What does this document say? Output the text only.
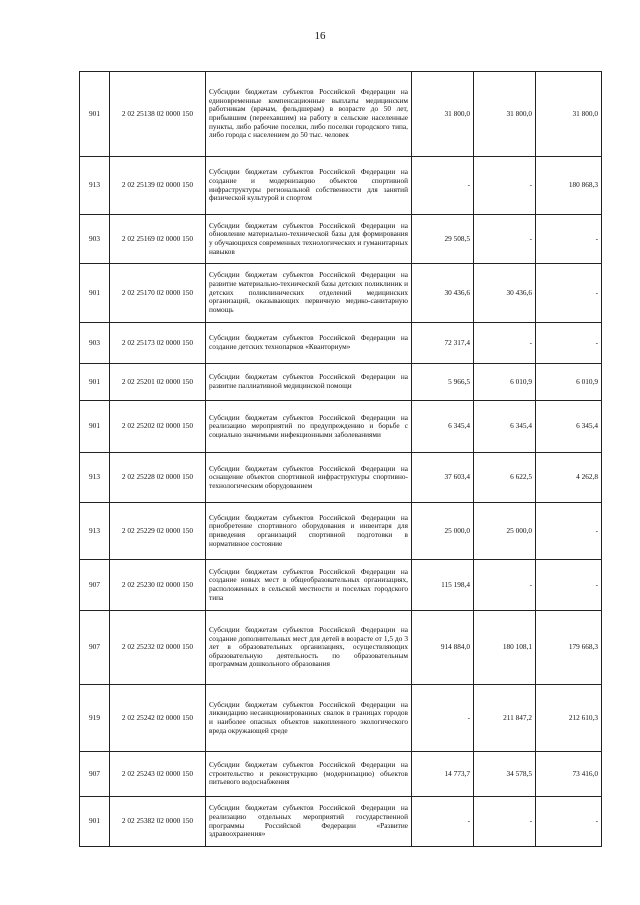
16
901	2 02 25138 02 0000 150	Субсидии бюджетам субъектов Российской Федерации на единовременные компенсационные выплаты медицинским работникам (врачам, фельдшерам) в возрасте до 50 лет, прибывшим (переехавшим) на работу в сельские населенные пункты, либо рабочие поселки, либо поселки городского типа, либо города с населением до 50 тыс. человек	31 800,0	31 800,0	31 800,0
913	2 02 25139 02 0000 150	Субсидии бюджетам субъектов Российской Федерации на создание и модернизацию объектов спортивной инфраструктуры региональной собственности для занятий физической культурой и спортом	-	-	180 868,3
903	2 02 25169 02 0000 150	Субсидии бюджетам субъектов Российской Федерации на обновление материально-технической базы для формирования у обучающихся современных технологических и гуманитарных навыков	29 508,5	-	-
901	2 02 25170 02 0000 150	Субсидии бюджетам субъектов Российской Федерации на развитие материально-технической базы детских поликлиник и детских поликлинических отделений медицинских организаций, оказывающих первичную медико-санитарную помощь	30 436,6	30 436,6	-
903	2 02 25173 02 0000 150	Субсидии бюджетам субъектов Российской Федерации на создание детских технопарков «Кванториум»	72 317,4	-	-
901	2 02 25201 02 0000 150	Субсидии бюджетам субъектов Российской Федерации на развитие паллиативной медицинской помощи	5 966,5	6 010,9	6 010,9
901	2 02 25202 02 0000 150	Субсидии бюджетам субъектов Российской Федерации на реализацию мероприятий по предупреждению и борьбе с социально значимыми инфекционными заболеваниями	6 345,4	6 345,4	6 345,4
913	2 02 25228 02 0000 150	Субсидии бюджетам субъектов Российской Федерации на оснащение объектов спортивной инфраструктуры спортивно-технологическим оборудованием	37 603,4	6 622,5	4 262,8
913	2 02 25229 02 0000 150	Субсидии бюджетам субъектов Российской Федерации на приобретение спортивного оборудования и инвентаря для приведения организаций спортивной подготовки в нормативное состояние	25 000,0	25 000,0	-
907	2 02 25230 02 0000 150	Субсидии бюджетам субъектов Российской Федерации на создание новых мест в общеобразовательных организациях, расположенных в сельской местности и поселках городского типа	115 198,4	-	-
907	2 02 25232 02 0000 150	Субсидии бюджетам субъектов Российской Федерации на создание дополнительных мест для детей в возрасте от 1,5 до 3 лет в образовательных организациях, осуществляющих образовательную деятельность по образовательным программам дошкольного образования	914 884,0	180 108,1	179 668,3
919	2 02 25242 02 0000 150	Субсидии бюджетам субъектов Российской Федерации на ликвидацию несанкционированных свалок в границах городов и наиболее опасных объектов накопленного экологического вреда окружающей среде	-	211 847,2	212 610,3
907	2 02 25243 02 0000 150	Субсидии бюджетам субъектов Российской Федерации на строительство и реконструкцию (модернизацию) объектов питьевого водоснабжения	14 773,7	34 578,5	73 416,0
901	2 02 25382 02 0000 150	Субсидии бюджетам субъектов Российской Федерации на реализацию отдельных мероприятий государственной программы Российской Федерации «Развитие здравоохранения»	-	-	-
